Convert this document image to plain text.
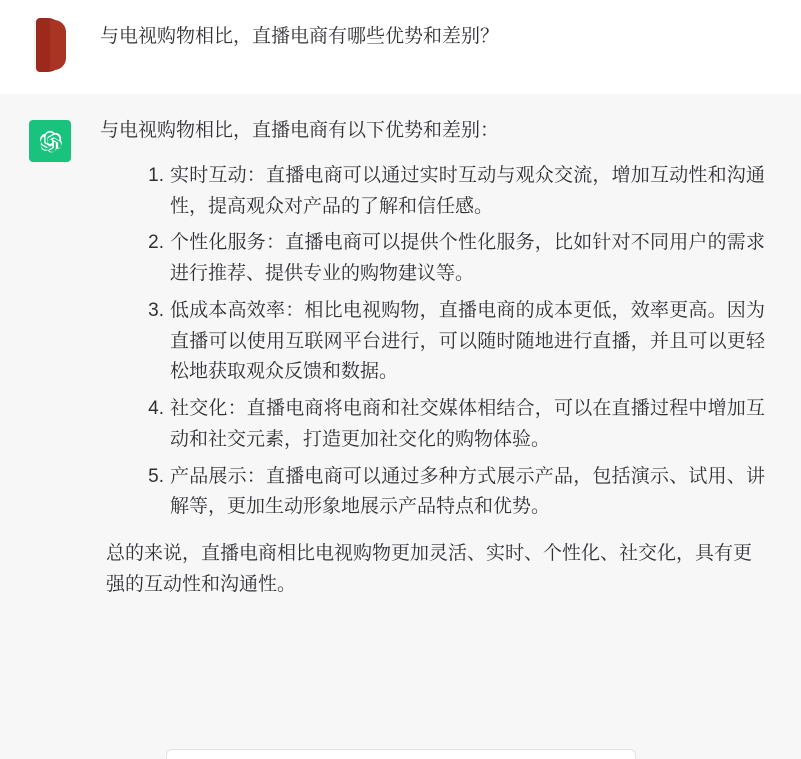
与电视购物相比，直播电商有哪些优势和差别？

与电视购物相比，直播电商有以下优势和差别：

实时互动：直播电商可以通过实时互动与观众交流，增加互动性和沟通性，提高观众对产品的了解和信任感。
个性化服务：直播电商可以提供个性化服务，比如针对不同用户的需求进行推荐、提供专业的购物建议等。
低成本高效率：相比电视购物，直播电商的成本更低，效率更高。因为直播可以使用互联网平台进行，可以随时随地进行直播，并且可以更轻松地获取观众反馈和数据。
社交化：直播电商将电商和社交媒体相结合，可以在直播过程中增加互动和社交元素，打造更加社交化的购物体验。
产品展示：直播电商可以通过多种方式展示产品，包括演示、试用、讲解等，更加生动形象地展示产品特点和优势。

总的来说，直播电商相比电视购物更加灵活、实时、个性化、社交化，具有更强的互动性和沟通性。
